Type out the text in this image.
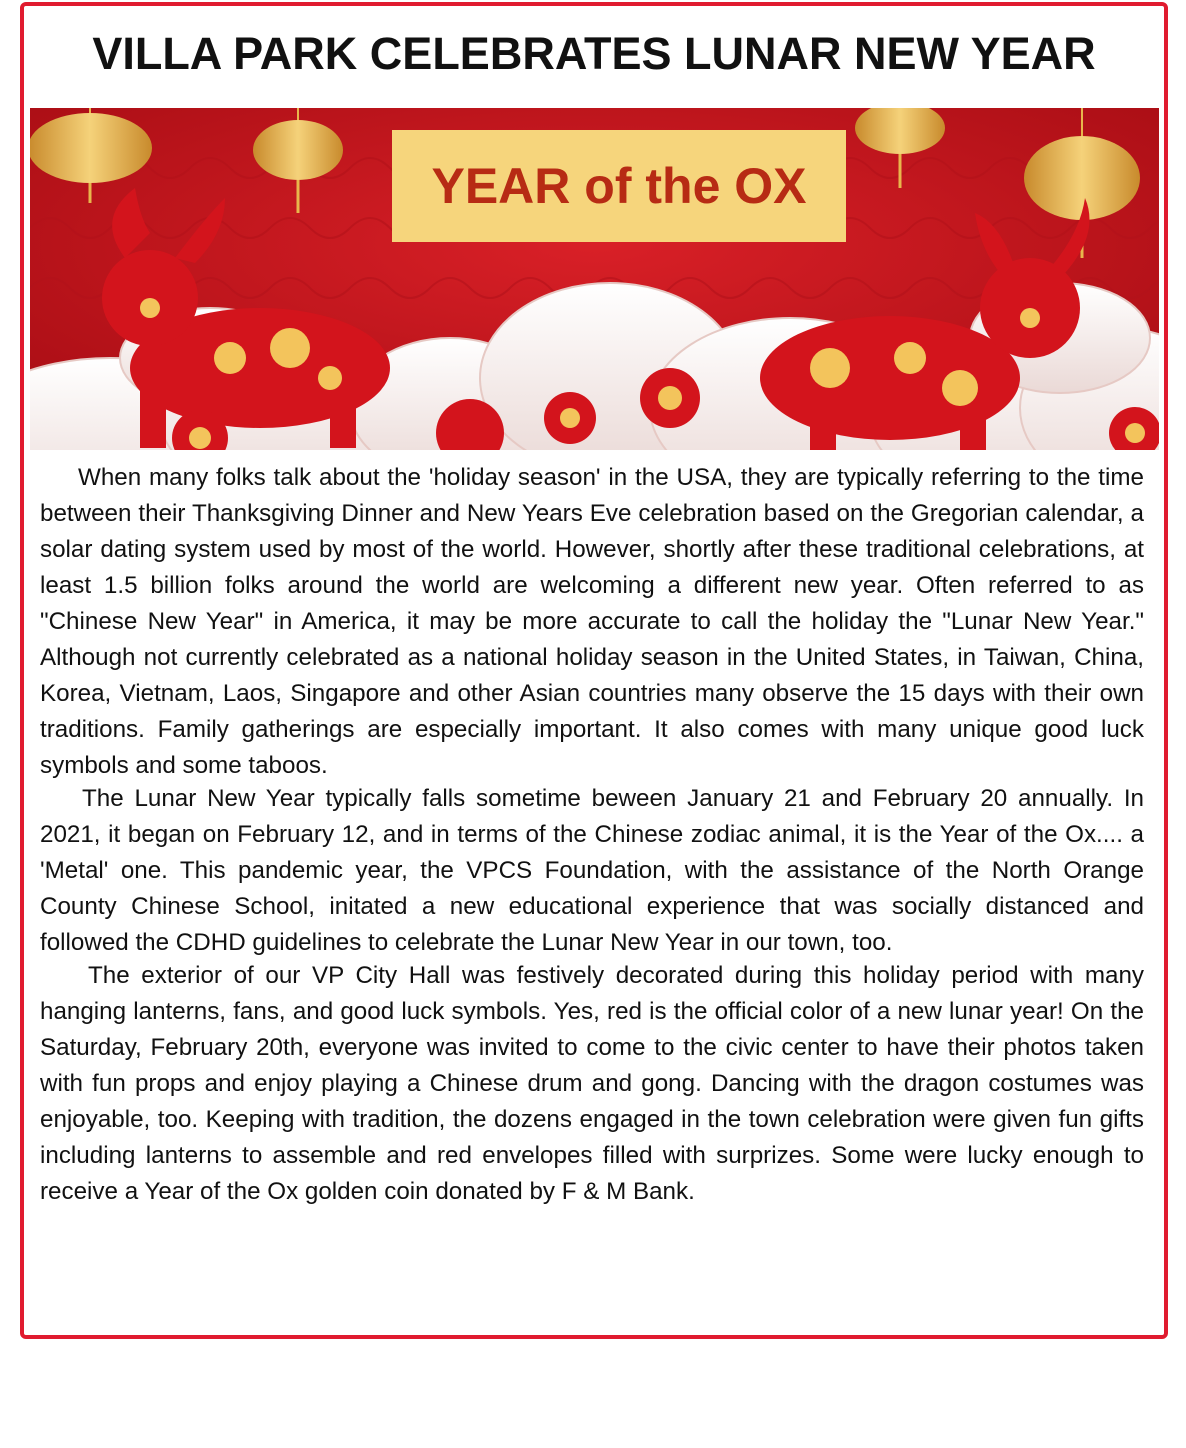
VILLA PARK CELEBRATES LUNAR NEW YEAR
YEAR of the OX

When many folks talk about the 'holiday season' in the USA, they are typically referring to the time between their Thanksgiving Dinner and New Years Eve celebration based on the Gregorian calendar, a solar dating system used by most of the world. However, shortly after these traditional celebrations, at least 1.5 billion folks around the world are welcoming a different new year. Often referred to as "Chinese New Year" in America, it may be more accurate to call the holiday the "Lunar New Year." Although not currently celebrated as a national holiday season in the United States, in Taiwan, China, Korea, Vietnam, Laos, Singapore and other Asian countries many observe the 15 days with their own traditions. Family gatherings are especially important. It also comes with many unique good luck symbols and some taboos.

The Lunar New Year typically falls sometime beween January 21 and February 20 annually. In 2021, it began on February 12, and in terms of the Chinese zodiac animal, it is the Year of the Ox.... a 'Metal' one. This pandemic year, the VPCS Foundation, with the assistance of the North Orange County Chinese School, initated a new educational experience that was socially distanced and followed the CDHD guidelines to celebrate the Lunar New Year in our town, too.

The exterior of our VP City Hall was festively decorated during this holiday period with many hanging lanterns, fans, and good luck symbols. Yes, red is the official color of a new lunar year! On the Saturday, February 20th, everyone was invited to come to the civic center to have their photos taken with fun props and enjoy playing a Chinese drum and gong. Dancing with the dragon costumes was enjoyable, too. Keeping with tradition, the dozens engaged in the town celebration were given fun gifts including lanterns to assemble and red envelopes filled with surprizes. Some were lucky enough to receive a Year of the Ox golden coin donated by F & M Bank.
